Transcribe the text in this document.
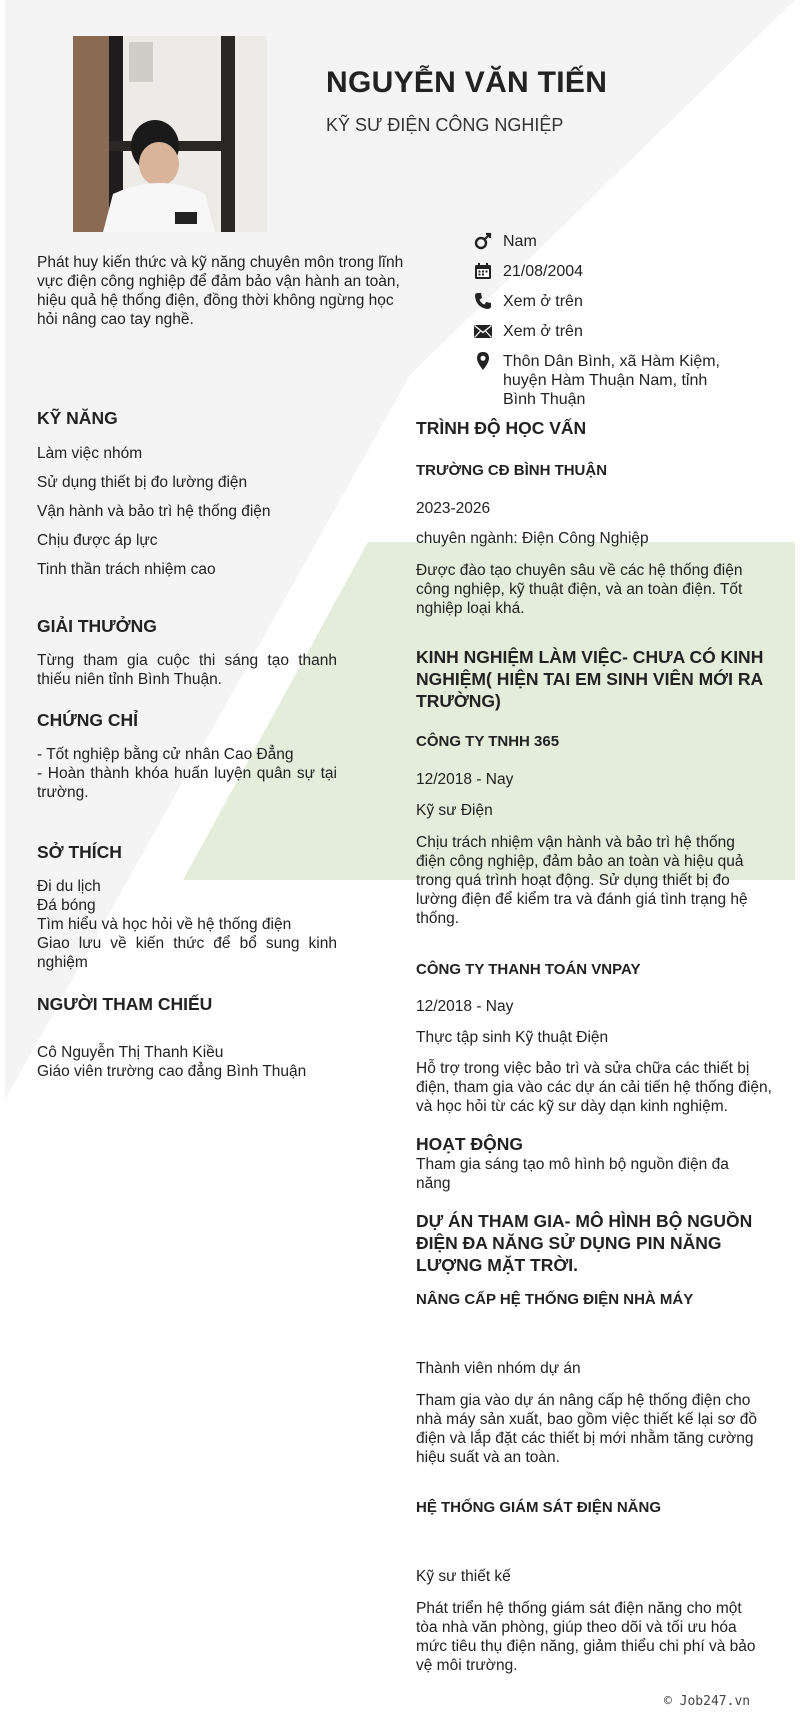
NGUYỄN VĂN TIẾN
KỸ SƯ ĐIỆN CÔNG NGHIỆP
Phát huy kiến thức và kỹ năng chuyên môn trong lĩnh vực điện công nghiệp để đảm bảo vận hành an toàn, hiệu quả hệ thống điện, đồng thời không ngừng học hỏi nâng cao tay nghề.
Nam
21/08/2004
Xem ở trên
Xem ở trên
Thôn Dân Bình, xã Hàm Kiệm, huyện Hàm Thuận Nam, tỉnh Bình Thuận
KỸ NĂNG
Làm việc nhóm
Sử dụng thiết bị đo lường điện
Vận hành và bảo trì hệ thống điện
Chịu được áp lực
Tinh thần trách nhiệm cao
GIẢI THƯỞNG
Từng tham gia cuộc thi sáng tạo thanh thiếu niên tỉnh Bình Thuận.
CHỨNG CHỈ
- Tốt nghiệp bằng cử nhân Cao Đẳng
- Hoàn thành khóa huấn luyện quân sự tại trường.
SỞ THÍCH
Đi du lịch
Đá bóng
Tìm hiểu và học hỏi về hệ thống điện
Giao lưu về kiến thức để bổ sung kinh nghiệm
NGƯỜI THAM CHIẾU
Cô Nguyễn Thị Thanh Kiều
Giáo viên trường cao đẳng Bình Thuận
TRÌNH ĐỘ HỌC VẤN
TRƯỜNG CĐ BÌNH THUẬN
2023-2026
chuyên ngành: Điện Công Nghiệp
Được đào tạo chuyên sâu về các hệ thống điện công nghiệp, kỹ thuật điện, và an toàn điện. Tốt nghiệp loại khá.
KINH NGHIỆM LÀM VIỆC- CHƯA CÓ KINH NGHIỆM( HIỆN TAI EM SINH VIÊN MỚI RA TRƯỜNG)
CÔNG TY TNHH 365
12/2018 - Nay
Kỹ sư Điện
Chịu trách nhiệm vận hành và bảo trì hệ thống điện công nghiệp, đảm bảo an toàn và hiệu quả trong quá trình hoạt động. Sử dụng thiết bị đo lường điện để kiểm tra và đánh giá tình trạng hệ thống.
CÔNG TY THANH TOÁN VNPAY
12/2018 - Nay
Thực tập sinh Kỹ thuật Điện
Hỗ trợ trong việc bảo trì và sửa chữa các thiết bị điện, tham gia vào các dự án cải tiến hệ thống điện, và học hỏi từ các kỹ sư dày dạn kinh nghiệm.
HOẠT ĐỘNG
Tham gia sáng tạo mô hình bộ nguồn điện đa năng
DỰ ÁN THAM GIA- MÔ HÌNH BỘ NGUỒN ĐIỆN ĐA NĂNG SỬ DỤNG PIN NĂNG LƯỢNG MẶT TRỜI.
NÂNG CẤP HỆ THỐNG ĐIỆN NHÀ MÁY
Thành viên nhóm dự án
Tham gia vào dự án nâng cấp hệ thống điện cho nhà máy sản xuất, bao gồm việc thiết kế lại sơ đồ điện và lắp đặt các thiết bị mới nhằm tăng cường hiệu suất và an toàn.
HỆ THỐNG GIÁM SÁT ĐIỆN NĂNG
Kỹ sư thiết kế
Phát triển hệ thống giám sát điện năng cho một tòa nhà văn phòng, giúp theo dõi và tối ưu hóa mức tiêu thụ điện năng, giảm thiểu chi phí và bảo vệ môi trường.
© Job247.vn
